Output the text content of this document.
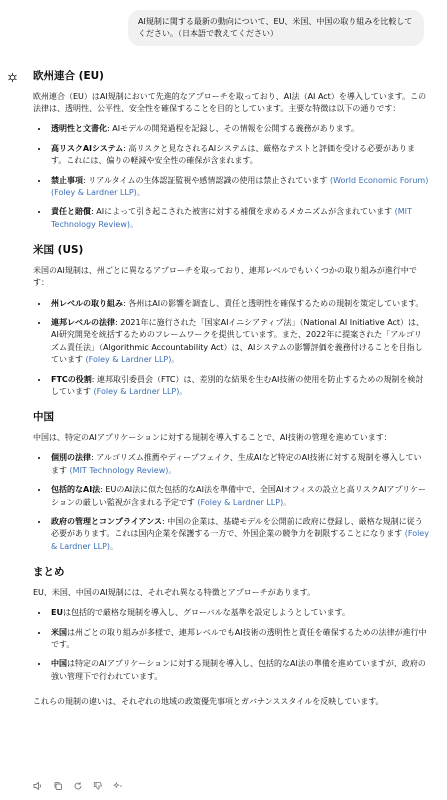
AI規制に関する最新の動向について、EU、米国、中国の取り組みを比較してください。（日本語で教えてください）
欧州連合 (EU)

欧州連合（EU）はAI規制において先進的なアプローチを取っており、AI法（AI Act）を導入しています。この法律は、透明性、公平性、安全性を確保することを目的としています。主要な特徴は以下の通りです：

• 透明性と文書化: AIモデルの開発過程を記録し、その情報を公開する義務があります。
• 高リスクAIシステム: 高リスクと見なされるAIシステムは、厳格なテストと評価を受ける必要があります。これには、偏りの軽減や安全性の確保が含まれます。
• 禁止事項: リアルタイムの生体認証監視や感情認識の使用は禁止されています (World Economic Forum) (Foley & Lardner LLP)。
• 責任と賠償: AIによって引き起こされた被害に対する補償を求めるメカニズムが含まれています (MIT Technology Review)。
米国 (US)

米国のAI規制は、州ごとに異なるアプローチを取っており、連邦レベルでもいくつかの取り組みが進行中です：

• 州レベルの取り組み: 各州はAIの影響を調査し、責任と透明性を確保するための規制を策定しています。
• 連邦レベルの法律: 2021年に施行された「国家AIイニシアティブ法」（National AI Initiative Act）は、AI研究開発を統括するためのフレームワークを提供しています。また、2022年に提案された「アルゴリズム責任法」（Algorithmic Accountability Act）は、AIシステムの影響評価を義務付けることを目指しています (Foley & Lardner LLP)。
• FTCの役割: 連邦取引委員会（FTC）は、差別的な結果を生むAI技術の使用を防止するための規制を検討しています (Foley & Lardner LLP)。
中国

中国は、特定のAIアプリケーションに対する規制を導入することで、AI技術の管理を進めています：

• 個別の法律: アルゴリズム推薦やディープフェイク、生成AIなど特定のAI技術に対する規制を導入しています (MIT Technology Review)。
• 包括的なAI法: EUのAI法に似た包括的なAI法を準備中で、全国AIオフィスの設立と高リスクAIアプリケーションの厳しい監視が含まれる予定です (Foley & Lardner LLP)。
• 政府の管理とコンプライアンス: 中国の企業は、基礎モデルを公開前に政府に登録し、厳格な規制に従う必要があります。これは国内企業を保護する一方で、外国企業の競争力を制限することになります (Foley & Lardner LLP)。
まとめ

EU、米国、中国のAI規制には、それぞれ異なる特徴とアプローチがあります。

• EUは包括的で厳格な規制を導入し、グローバルな基準を設定しようとしています。
• 米国は州ごとの取り組みが多様で、連邦レベルでもAI技術の透明性と責任を確保するための法律が進行中です。
• 中国は特定のAIアプリケーションに対する規制を導入し、包括的なAI法の準備を進めていますが、政府の強い管理下で行われています。

これらの規制の違いは、それぞれの地域の政策優先事項とガバナンススタイルを反映しています。
